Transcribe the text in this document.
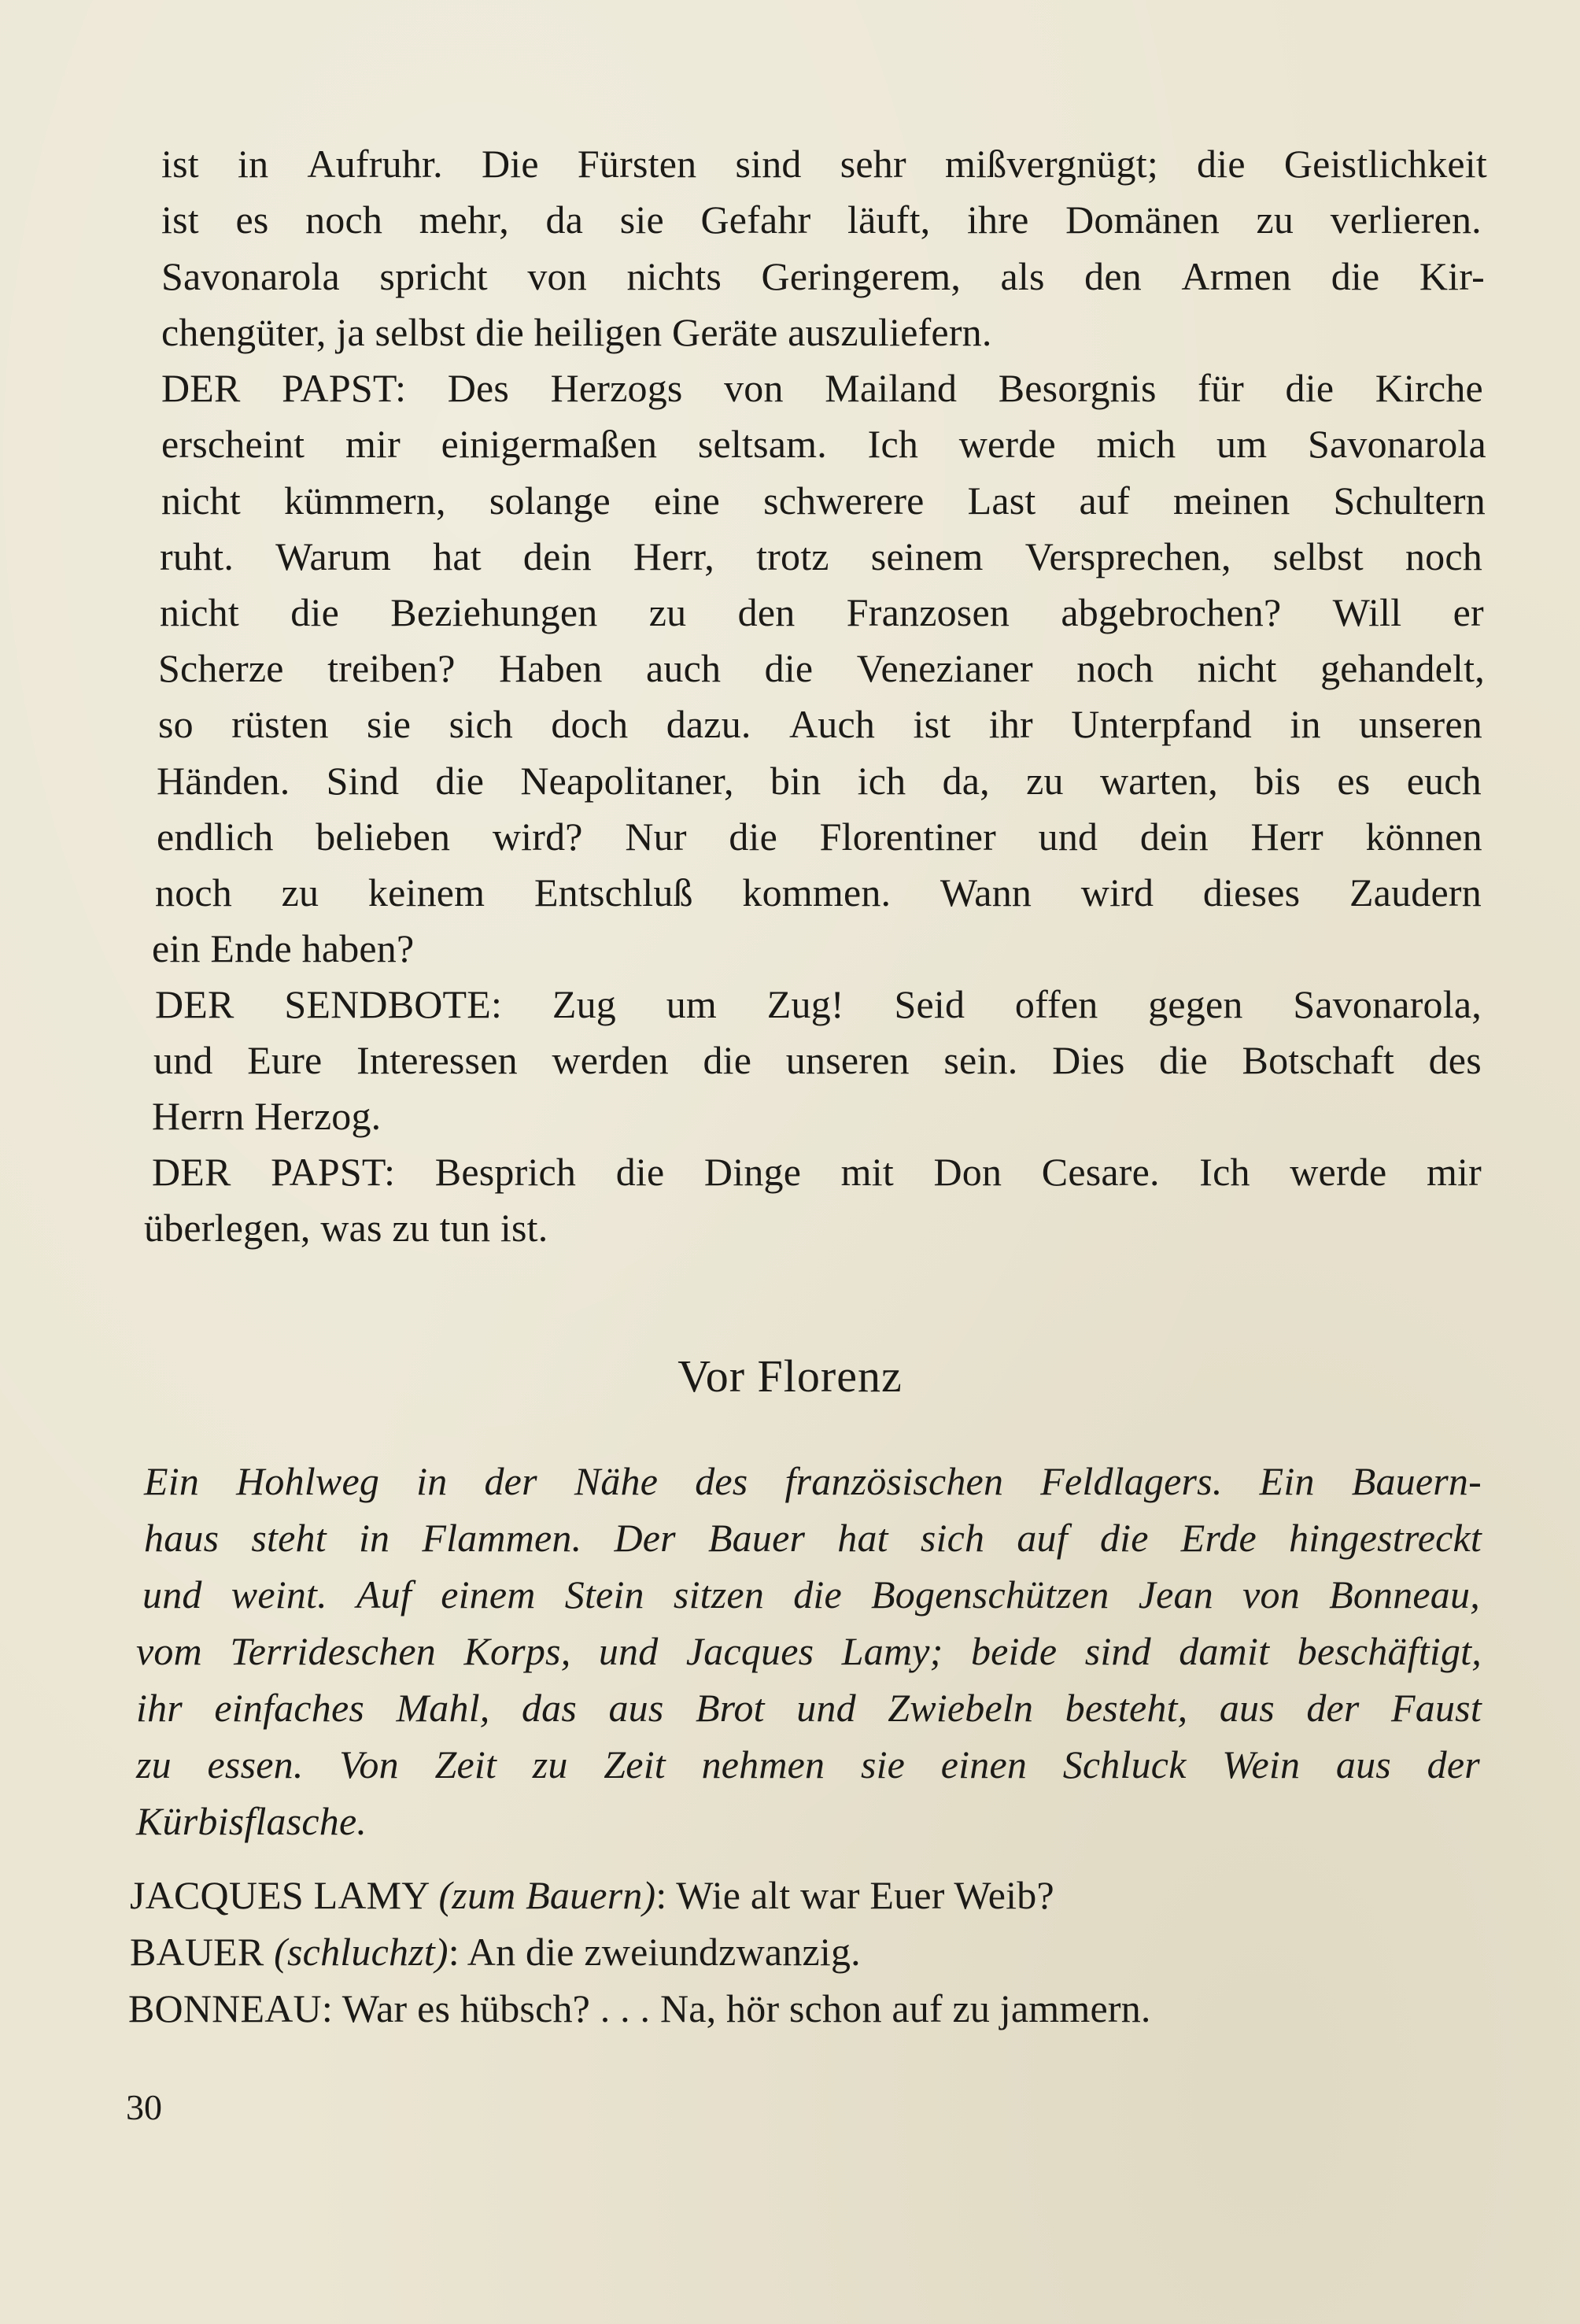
ist in Aufruhr. Die Fürsten sind sehr mißvergnügt; die Geistlichkeit
ist es noch mehr, da sie Gefahr läuft, ihre Domänen zu verlieren.
Savonarola spricht von nichts Geringerem, als den Armen die Kir-
chengüter, ja selbst die heiligen Geräte auszuliefern.
DER PAPST: Des Herzogs von Mailand Besorgnis für die Kirche
erscheint mir einigermaßen seltsam. Ich werde mich um Savonarola
nicht kümmern, solange eine schwerere Last auf meinen Schultern
ruht. Warum hat dein Herr, trotz seinem Versprechen, selbst noch
nicht die Beziehungen zu den Franzosen abgebrochen? Will er
Scherze treiben? Haben auch die Venezianer noch nicht gehandelt,
so rüsten sie sich doch dazu. Auch ist ihr Unterpfand in unseren
Händen. Sind die Neapolitaner, bin ich da, zu warten, bis es euch
endlich belieben wird? Nur die Florentiner und dein Herr können
noch zu keinem Entschluß kommen. Wann wird dieses Zaudern
ein Ende haben?
DER SENDBOTE: Zug um Zug! Seid offen gegen Savonarola,
und Eure Interessen werden die unseren sein. Dies die Botschaft des
Herrn Herzog.
DER PAPST: Besprich die Dinge mit Don Cesare. Ich werde mir
überlegen, was zu tun ist.
Vor Florenz
Ein Hohlweg in der Nähe des französischen Feldlagers. Ein Bauern-
haus steht in Flammen. Der Bauer hat sich auf die Erde hingestreckt
und weint. Auf einem Stein sitzen die Bogenschützen Jean von Bonneau,
vom Terrideschen Korps, und Jacques Lamy; beide sind damit beschäftigt,
ihr einfaches Mahl, das aus Brot und Zwiebeln besteht, aus der Faust
zu essen. Von Zeit zu Zeit nehmen sie einen Schluck Wein aus der
Kürbisflasche.
JACQUES LAMY (zum Bauern): Wie alt war Euer Weib?
BAUER (schluchzt): An die zweiundzwanzig.
BONNEAU: War es hübsch? . . . Na, hör schon auf zu jammern.
30
